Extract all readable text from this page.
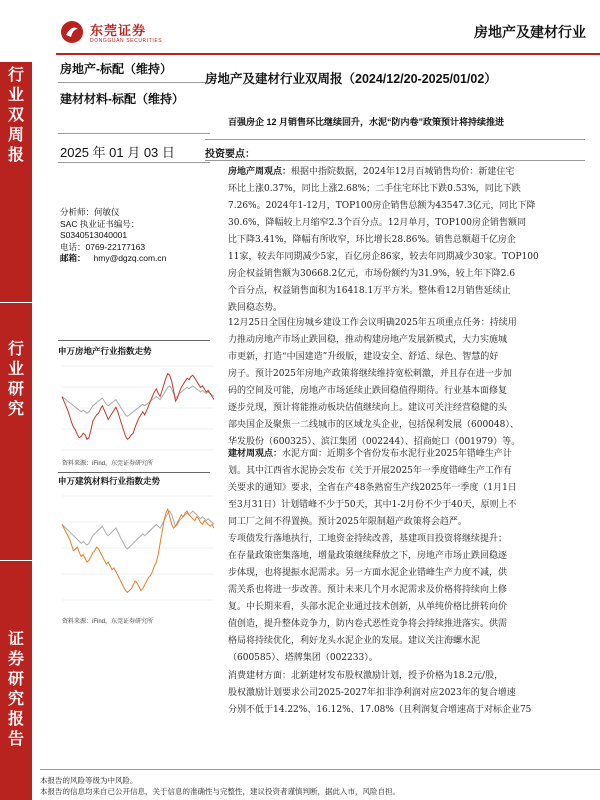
东莞证券
DONGGUAN SECURITIES
房地产及建材行业
行业双周报
行业研究
证券研究报告
房地产-标配（维持）
建材材料-标配（维持）
2025 年 01 月 03 日
分析师：何敏仪
SAC 执业证书编号：
S0340513040001
电话：0769-22177163
邮箱： hmy@dgzq.com.cn
申万房地产行业指数走势
资料来源：iFind，东莞证券研究所
申万建筑材料行业指数走势
资料来源：iFind，东莞证券研究所
房地产及建材行业双周报（2024/12/20-2025/01/02）
百强房企 12 月销售环比继续回升，水泥“防内卷”政策预计将持续推进
投资要点：
房地产周观点：根据中指院数据，2024年12月百城销售均价：新建住宅
环比上涨0.37%，同比上涨2.68%；二手住宅环比下跌0.53%，同比下跌
7.26%。2024年1-12月，TOP100房企销售总额为43547.3亿元，同比下降
30.6%，降幅较上月缩窄2.3个百分点。12月单月，TOP100房企销售额同
比下降3.41%，降幅有所收窄，环比增长28.86%。销售总额超千亿房企
11家，较去年同期减少5家，百亿房企86家，较去年同期减少30家。TOP100
房企权益销售额为30668.2亿元，市场份额约为31.9%，较上年下降2.6
个百分点，权益销售面积为16418.1万平方米。整体看12月销售延续止
跌回稳态势。
12月25日全国住房城乡建设工作会议明确2025年五项重点任务：持续用
力推动房地产市场止跌回稳，推动构建房地产发展新模式，大力实施城
市更新，打造“中国建造”升级版，建设安全、舒适、绿色、智慧的好
房子。预计2025年房地产政策将继续维持宽松刺激，并且存在进一步加
码的空间及可能，房地产市场延续止跌回稳值得期待。行业基本面修复
逐步兑现，预计将能推动板块估值继续向上。建议可关注经营稳健的头
部央国企及聚焦一二线城市的区域龙头企业，包括保利发展（600048）、
华发股份（600325）、滨江集团（002244）、招商蛇口（001979）等。
建材周观点：水泥方面：近期多个省份发布水泥行业2025年错峰生产计
划。其中江西省水泥协会发布《关于开展2025年一季度错峰生产工作有
关要求的通知》要求，全省在产48条熟窑生产线2025年一季度（1月1日
至3月31日）计划错峰不少于50天，其中1-2月份不少于40天，原则上不
同工厂之间不得置换。预计2025年限制超产政策将会趋严。
专项债发行落地执行，工地资金持续改善，基建项目投资将继续提升；
在存量政策密集落地，增量政策继续释放之下，房地产市场止跌回稳逐
步体现，也将提振水泥需求。另一方面水泥企业错峰生产力度不减，供
需关系也将进一步改善。预计未来几个月水泥需求及价格将持续向上修
复。中长期来看，头部水泥企业通过技术创新，从单纯价格比拼转向价
值创造，提升整体竞争力，防内卷式恶性竞争将会持续推进落实。供需
格局将持续优化，利好龙头水泥企业的发展。建议关注海螺水泥
（600585）、塔牌集团（002233）。
消费建材方面：北新建材发布股权激励计划，授予价格为18.2元/股，
股权激励计划要求公司2025-2027年扣非净利润对应2023年的复合增速
分别不低于14.22%、16.12%、17.08%（且利润复合增速高于对标企业75
本报告的风险等级为中风险。
本报告的信息均来自已公开信息，关于信息的准确性与完整性，建议投资者谨慎判断，据此入市，风险自担。
